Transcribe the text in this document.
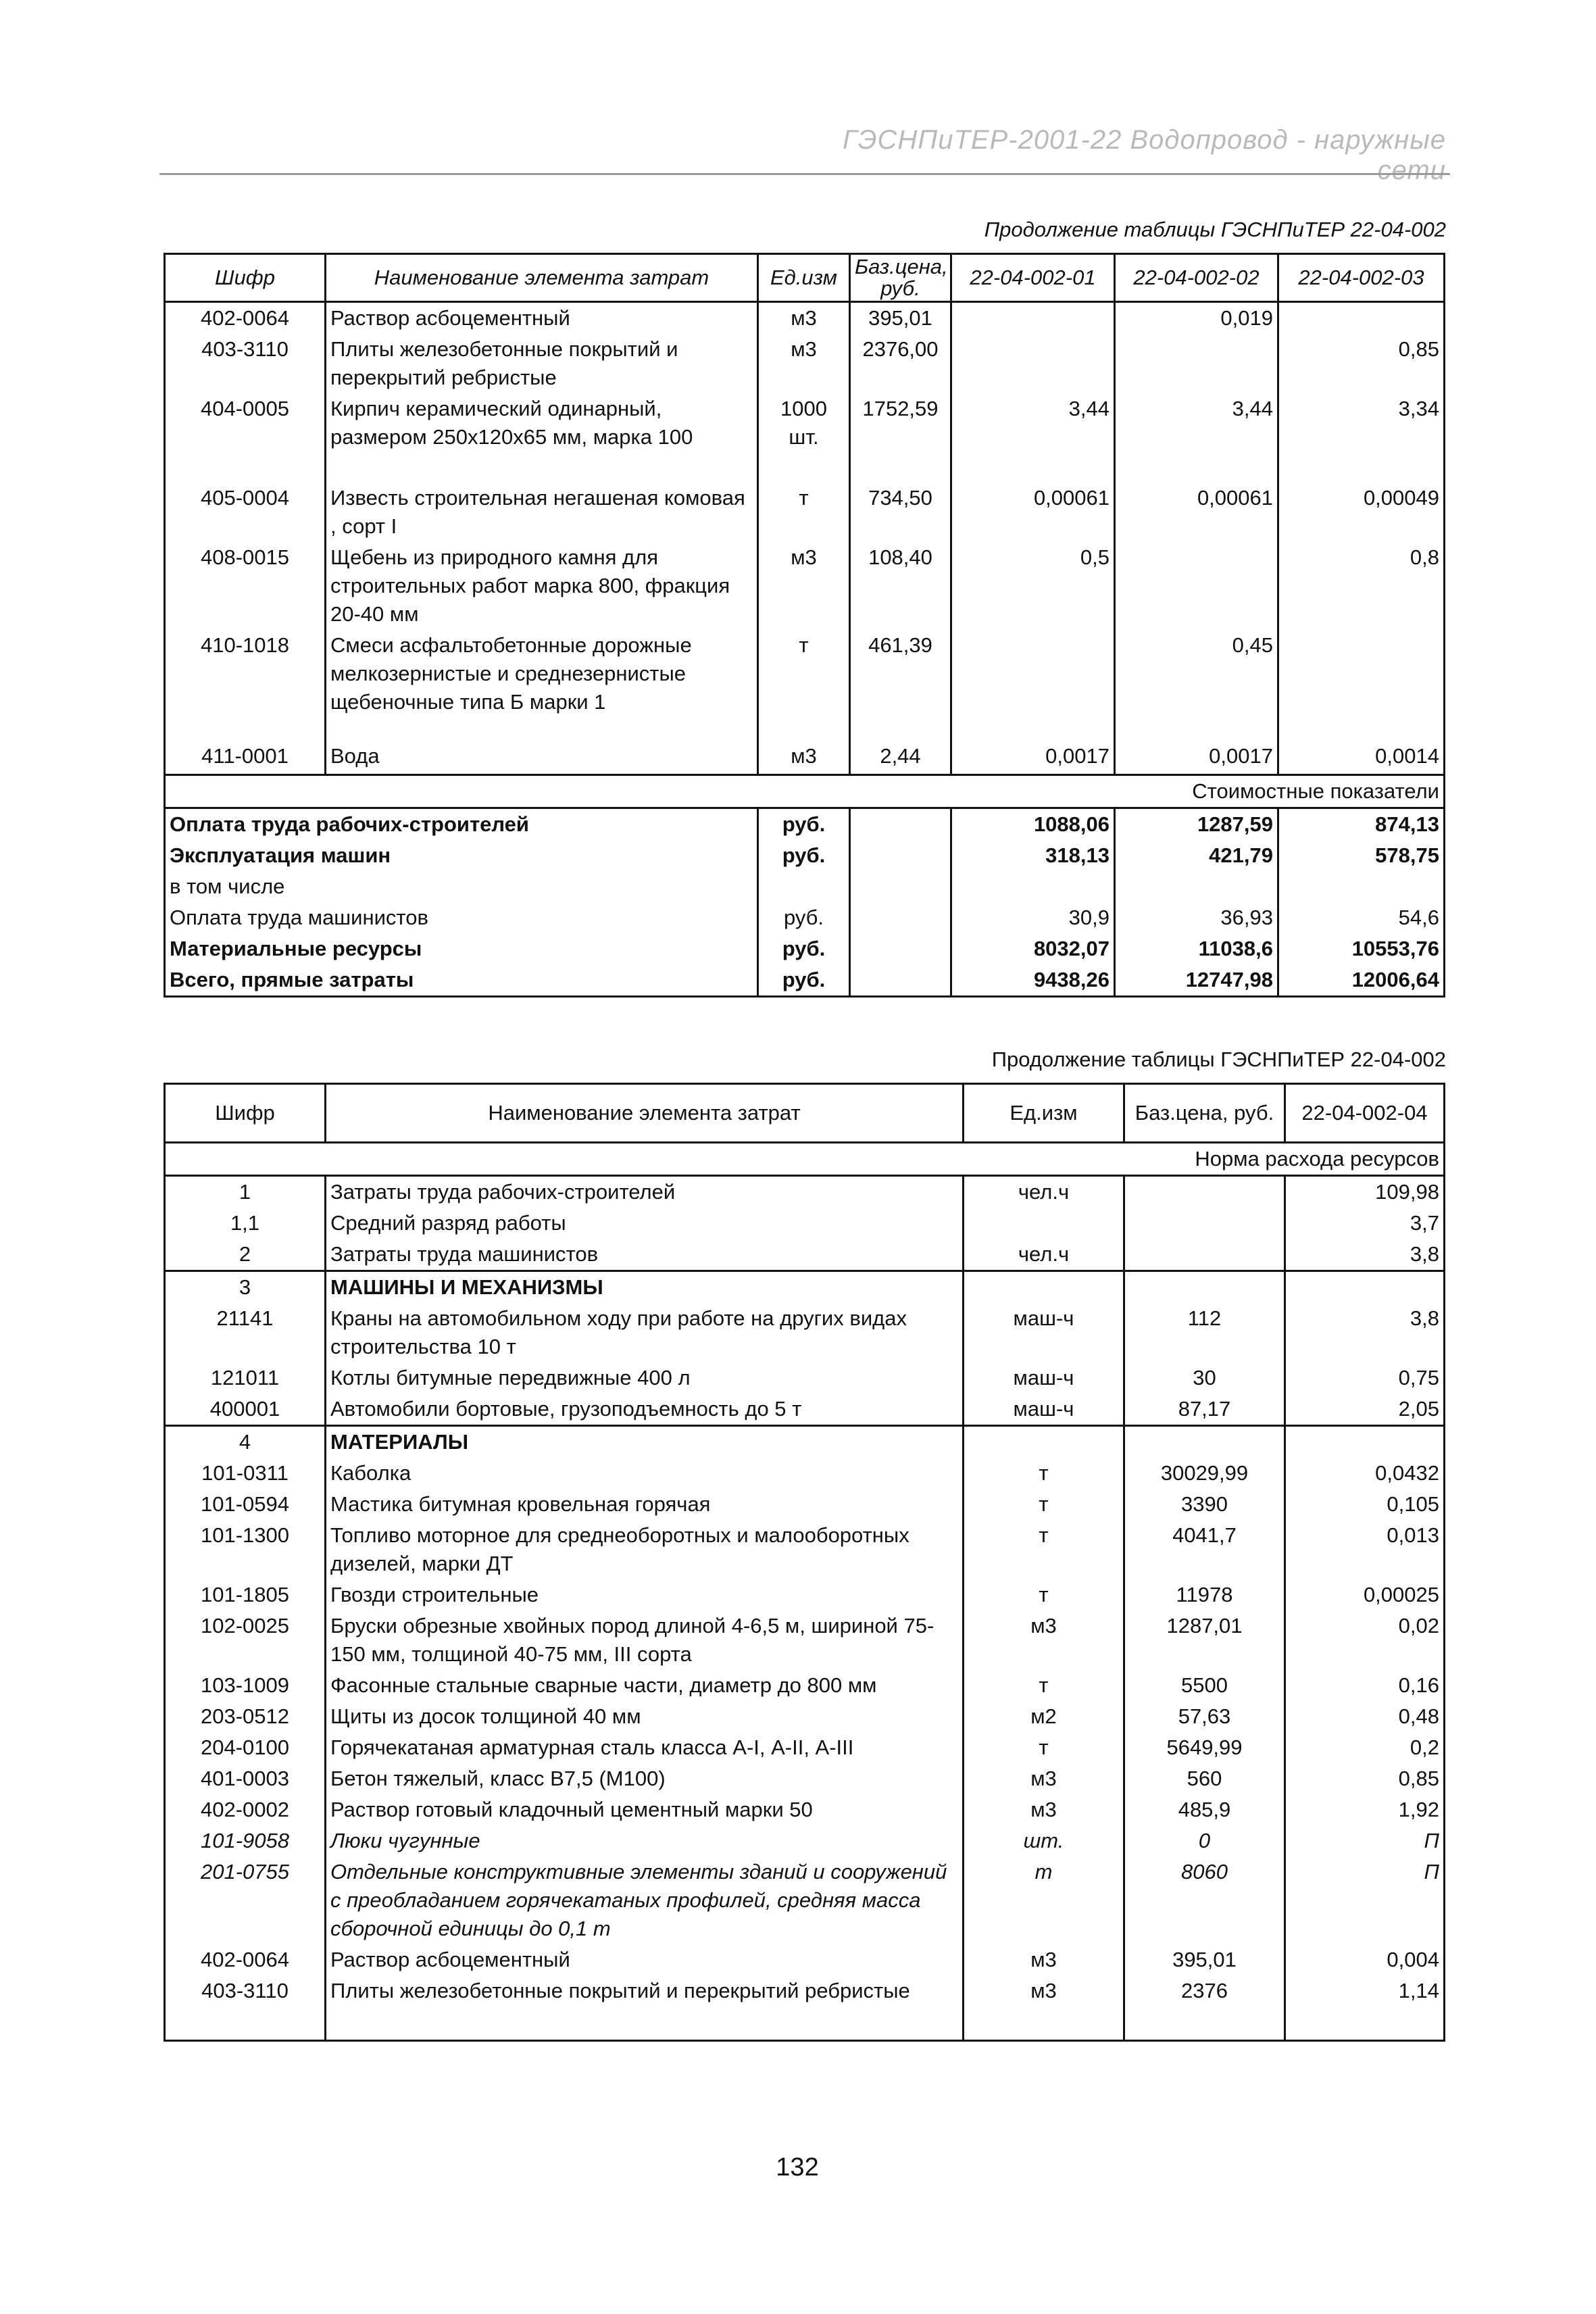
ГЭСНПиТЕР-2001-22 Водопровод - наружные сети
Продолжение таблицы ГЭСНПиТЕР 22-04-002
Шифр	Наименование элемента затрат	Ед.изм	Баз.цена, руб.	22-04-002-01	22-04-002-02	22-04-002-03
402-0064	Раствор асбоцементный	м3	395,01		0,019	
403-3110	Плиты железобетонные покрытий и перекрытий ребристые	м3	2376,00			0,85
404-0005	Кирпич керамический одинарный, размером 250х120х65 мм, марка 100	1000 шт.	1752,59	3,44	3,44	3,34
405-0004	Известь строительная негашеная комовая , сорт I	т	734,50	0,00061	0,00061	0,00049
408-0015	Щебень из природного камня для строительных работ марка 800, фракция 20-40 мм	м3	108,40	0,5		0,8
410-1018	Смеси асфальтобетонные дорожные мелкозернистые и среднезернистые щебеночные типа Б марки 1	т	461,39		0,45	
411-0001	Вода	м3	2,44	0,0017	0,0017	0,0014
Стоимостные показатели						
Оплата труда рабочих-строителей		руб.		1088,06	1287,59	874,13
Эксплуатация машин		руб.		318,13	421,79	578,75
в том числе						
Оплата труда машинистов		руб.		30,9	36,93	54,6
Материальные ресурсы		руб.		8032,07	11038,6	10553,76
Всего, прямые затраты		руб.		9438,26	12747,98	12006,64
Продолжение таблицы ГЭСНПиТЕР 22-04-002
Шифр	Наименование элемента затрат	Ед.изм	Баз.цена, руб.	22-04-002-04
Норма расхода ресурсов				
1	Затраты труда рабочих-строителей	чел.ч		109,98
1,1	Средний разряд работы			3,7
2	Затраты труда машинистов	чел.ч		3,8
3	МАШИНЫ И МЕХАНИЗМЫ			
21141	Краны на автомобильном ходу при работе на других видах строительства 10 т	маш-ч	112	3,8
121011	Котлы битумные передвижные 400 л	маш-ч	30	0,75
400001	Автомобили бортовые, грузоподъемность до 5 т	маш-ч	87,17	2,05
4	МАТЕРИАЛЫ			
101-0311	Каболка	т	30029,99	0,0432
101-0594	Мастика битумная кровельная горячая	т	3390	0,105
101-1300	Топливо моторное для среднеоборотных и малооборотных дизелей, марки ДТ	т	4041,7	0,013
101-1805	Гвозди строительные	т	11978	0,00025
102-0025	Бруски обрезные хвойных пород длиной 4-6,5 м, шириной 75-150 мм, толщиной 40-75 мм, III сорта	м3	1287,01	0,02
103-1009	Фасонные стальные сварные части, диаметр до 800 мм	т	5500	0,16
203-0512	Щиты из досок толщиной 40 мм	м2	57,63	0,48
204-0100	Горячекатаная арматурная сталь класса А-I, А-II, А-III	т	5649,99	0,2
401-0003	Бетон тяжелый, класс В7,5 (М100)	м3	560	0,85
402-0002	Раствор готовый кладочный цементный марки 50	м3	485,9	1,92
101-9058	Люки чугунные	шт.	0	П
201-0755	Отдельные конструктивные элементы зданий и сооружений с преобладанием горячекатаных профилей, средняя масса сборочной единицы до 0,1 т	т	8060	П
402-0064	Раствор асбоцементный	м3	395,01	0,004
403-3110	Плиты железобетонные покрытий и перекрытий ребристые	м3	2376	1,14

132
